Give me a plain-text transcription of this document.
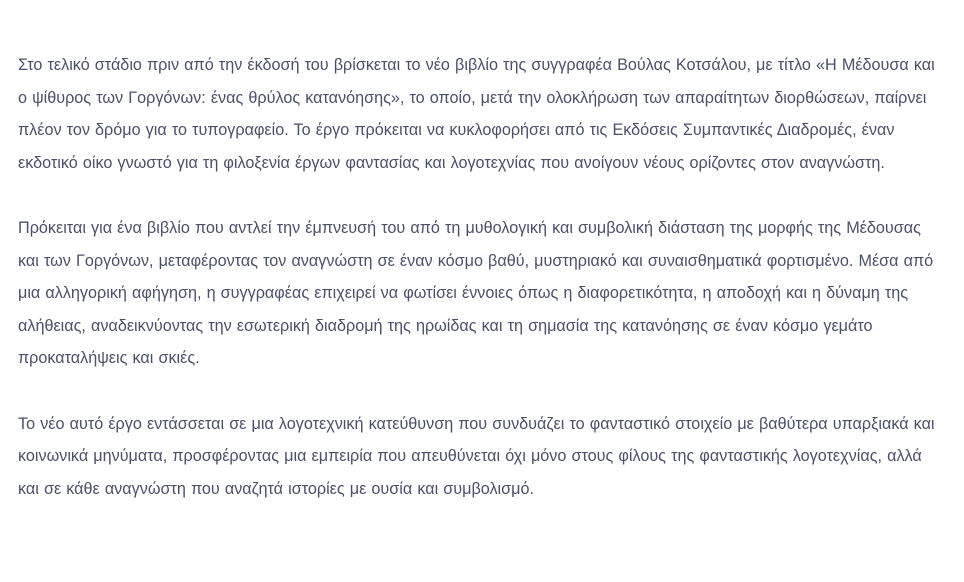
Στο τελικό στάδιο πριν από την έκδοσή του βρίσκεται το νέο βιβλίο της συγγραφέα Βούλας Κοτσάλου, με τίτλο «Η Μέδουσα και ο ψίθυρος των Γοργόνων: ένας θρύλος κατανόησης», το οποίο, μετά την ολοκλήρωση των απαραίτητων διορθώσεων, παίρνει πλέον τον δρόμο για το τυπογραφείο. Το έργο πρόκειται να κυκλοφορήσει από τις Εκδόσεις Συμπαντικές Διαδρομές, έναν εκδοτικό οίκο γνωστό για τη φιλοξενία έργων φαντασίας και λογοτεχνίας που ανοίγουν νέους ορίζοντες στον αναγνώστη.

Πρόκειται για ένα βιβλίο που αντλεί την έμπνευσή του από τη μυθολογική και συμβολική διάσταση της μορφής της Μέδουσας και των Γοργόνων, μεταφέροντας τον αναγνώστη σε έναν κόσμο βαθύ, μυστηριακό και συναισθηματικά φορτισμένο. Μέσα από μια αλληγορική αφήγηση, η συγγραφέας επιχειρεί να φωτίσει έννοιες όπως η διαφορετικότητα, η αποδοχή και η δύναμη της αλήθειας, αναδεικνύοντας την εσωτερική διαδρομή της ηρωίδας και τη σημασία της κατανόησης σε έναν κόσμο γεμάτο προκαταλήψεις και σκιές.

Το νέο αυτό έργο εντάσσεται σε μια λογοτεχνική κατεύθυνση που συνδυάζει το φανταστικό στοιχείο με βαθύτερα υπαρξιακά και κοινωνικά μηνύματα, προσφέροντας μια εμπειρία που απευθύνεται όχι μόνο στους φίλους της φανταστικής λογοτεχνίας, αλλά και σε κάθε αναγνώστη που αναζητά ιστορίες με ουσία και συμβολισμό.
